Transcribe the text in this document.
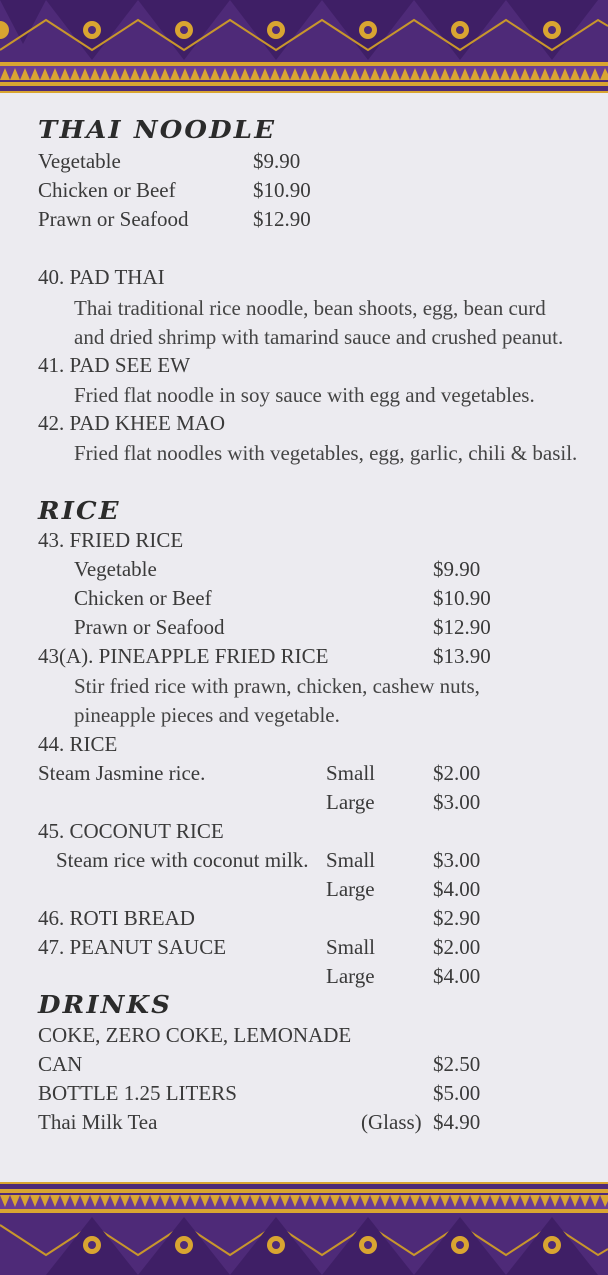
THAI NOODLE
Vegetable	$9.90
Chicken or Beef	$10.90
Prawn or Seafood	$12.90
40. PAD THAI
Thai traditional rice noodle, bean shoots, egg, bean curd
and dried shrimp with tamarind sauce and crushed peanut.
41. PAD SEE EW
Fried flat noodle in soy sauce with egg and vegetables.
42. PAD KHEE MAO
Fried flat noodles with vegetables, egg, garlic, chili & basil.
RICE
43. FRIED RICE
Vegetable	$9.90
Chicken or Beef	$10.90
Prawn or Seafood	$12.90
43(A). PINEAPPLE FRIED RICE	$13.90
Stir fried rice with prawn, chicken, cashew nuts,
pineapple pieces and vegetable.
44. RICE
Steam Jasmine rice.	Small	$2.00
Large	$3.00
45. COCONUT RICE
Steam rice with coconut milk. Small	$3.00
Large	$4.00
46. ROTI BREAD	$2.90
47. PEANUT SAUCE	Small	$2.00
Large	$4.00
DRINKS
COKE, ZERO COKE, LEMONADE
CAN	$2.50
BOTTLE 1.25 LITERS	$5.00
Thai Milk Tea	(Glass) $4.90
